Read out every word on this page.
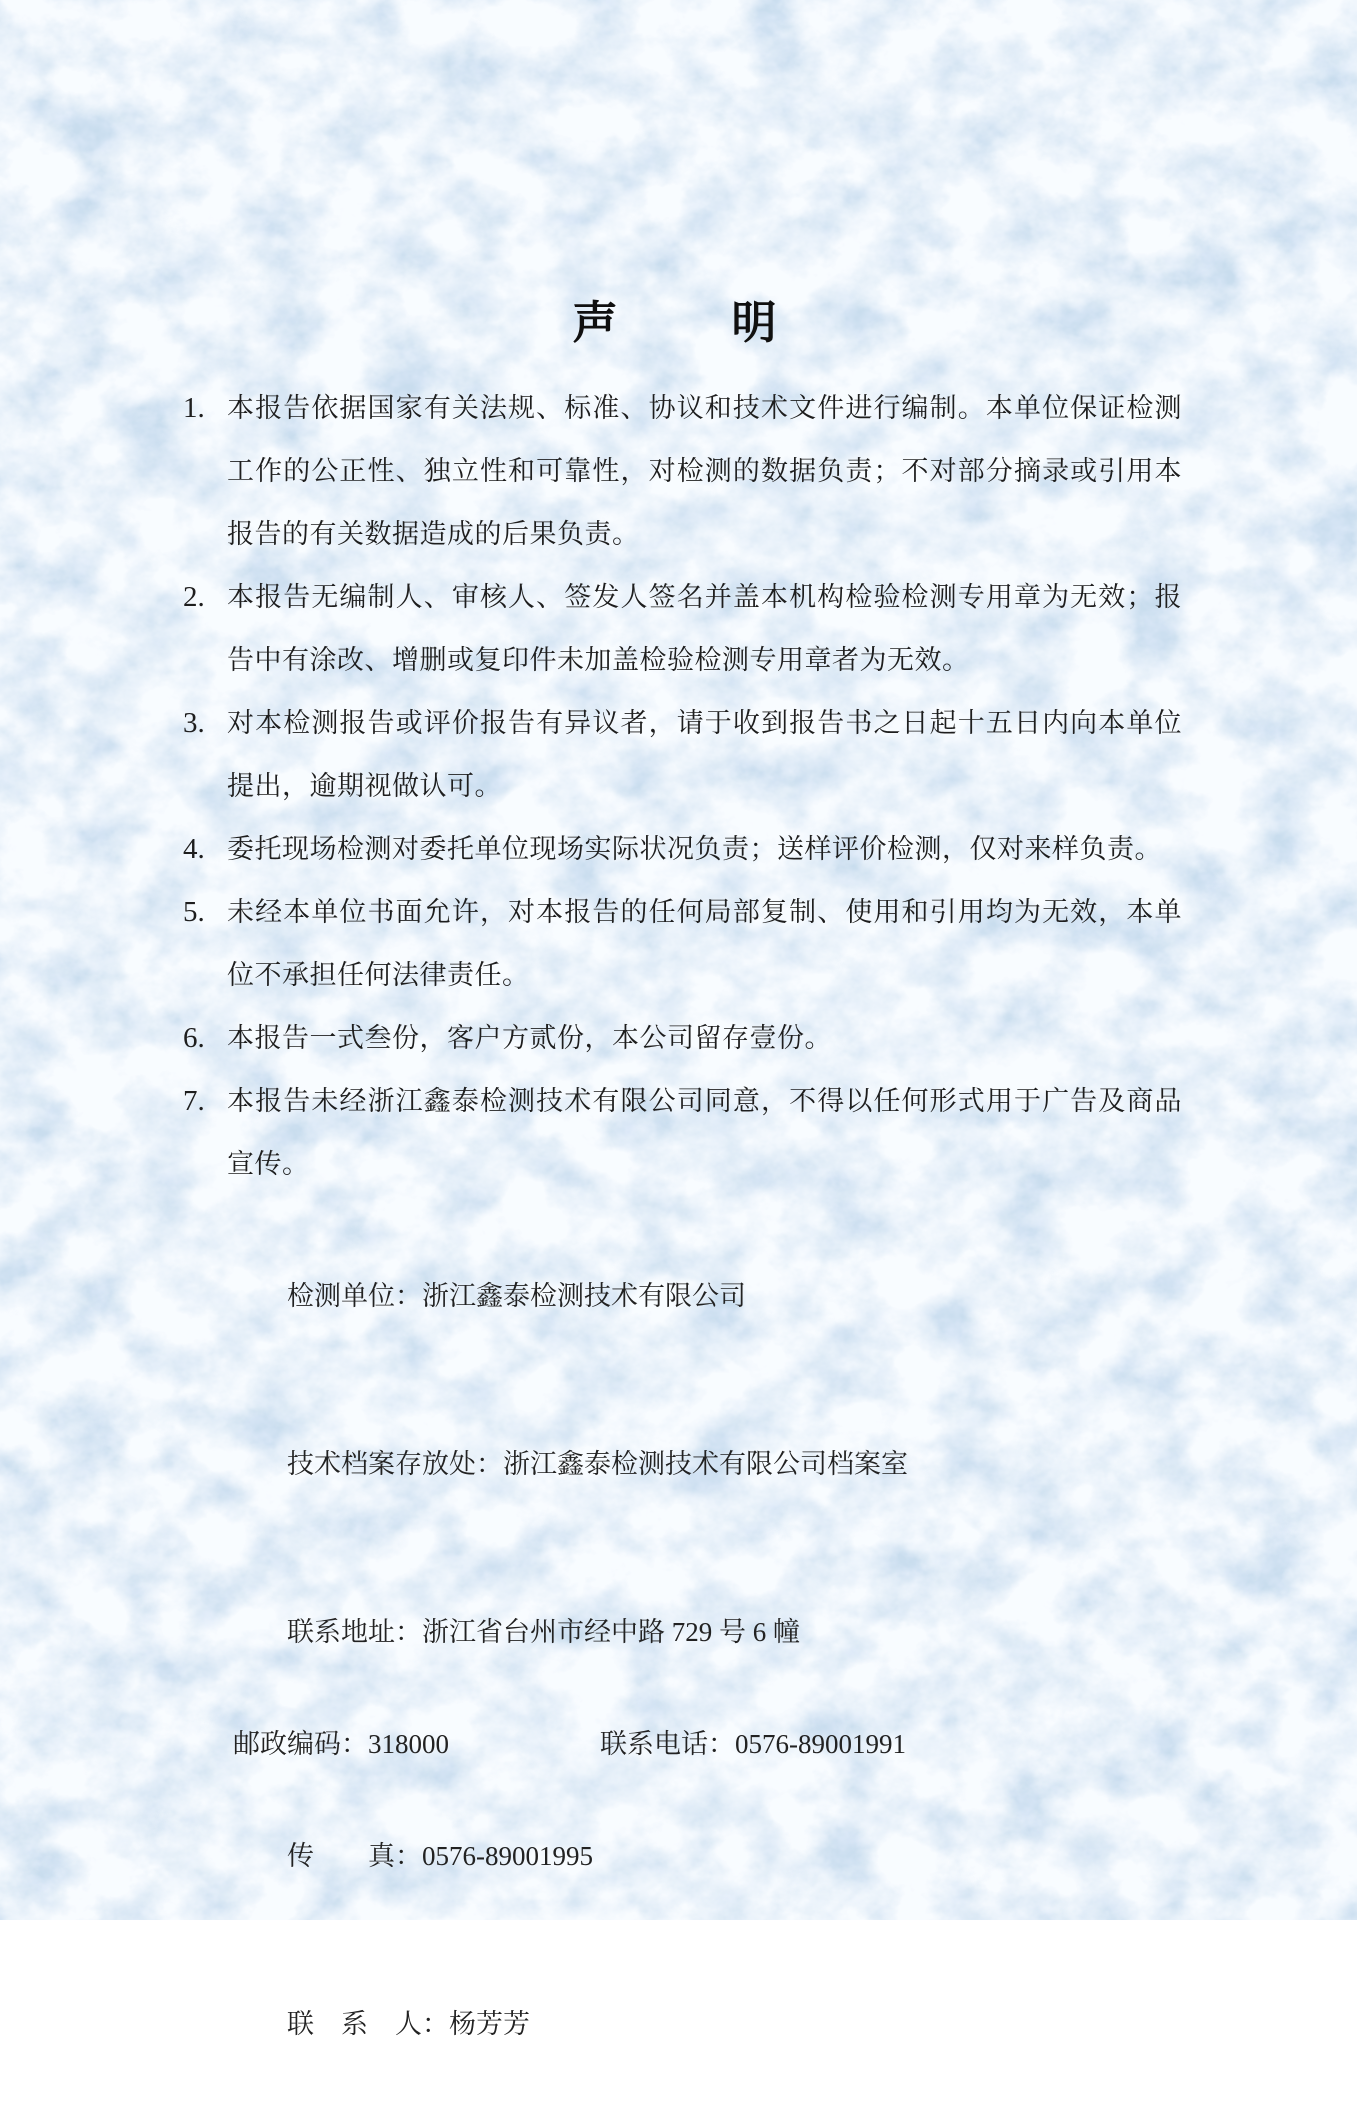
声　　明
1. 本报告依据国家有关法规、标准、协议和技术文件进行编制。本单位保证检测工作的公正性、独立性和可靠性，对检测的数据负责；不对部分摘录或引用本报告的有关数据造成的后果负责。
2. 本报告无编制人、审核人、签发人签名并盖本机构检验检测专用章为无效；报告中有涂改、增删或复印件未加盖检验检测专用章者为无效。
3. 对本检测报告或评价报告有异议者，请于收到报告书之日起十五日内向本单位提出，逾期视做认可。
4. 委托现场检测对委托单位现场实际状况负责；送样评价检测，仅对来样负责。
5. 未经本单位书面允许，对本报告的任何局部复制、使用和引用均为无效，本单位不承担任何法律责任。
6. 本报告一式叁份，客户方贰份，本公司留存壹份。
7. 本报告未经浙江鑫泰检测技术有限公司同意，不得以任何形式用于广告及商品宣传。

检测单位：浙江鑫泰检测技术有限公司

技术档案存放处：浙江鑫泰检测技术有限公司档案室

联系地址：浙江省台州市经中路 729 号 6 幢

邮政编码：318000	联系电话：0576-89001991

传　　真：0576-89001995

联　系　人：杨芳芳
